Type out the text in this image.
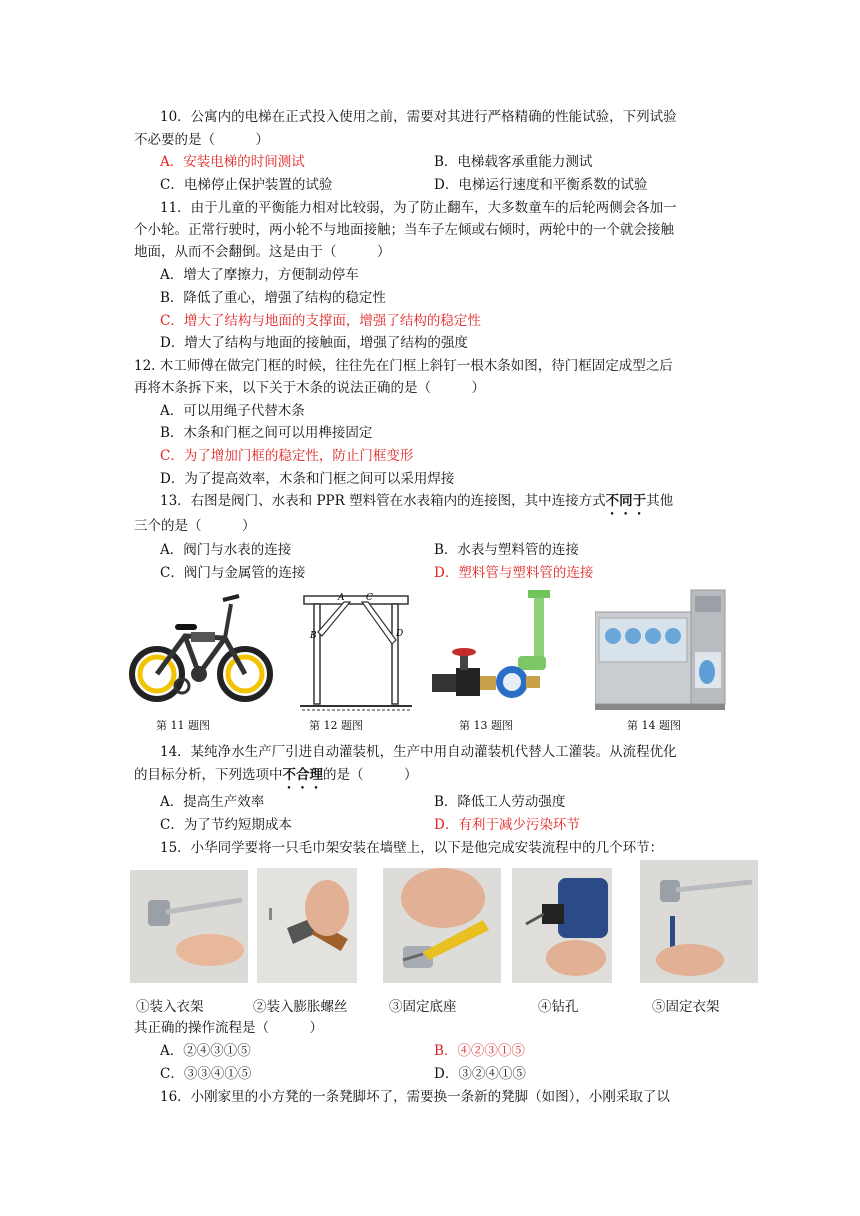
10．公寓内的电梯在正式投入使用之前，需要对其进行严格精确的性能试验，下列试验
不必要的是（　　　）
A．安装电梯的时间测试	B．电梯载客承重能力测试
C．电梯停止保护装置的试验	D．电梯运行速度和平衡系数的试验
11．由于儿童的平衡能力相对比较弱，为了防止翻车，大多数童车的后轮两侧会各加一
个小轮。正常行驶时，两小轮不与地面接触；当车子左倾或右倾时，两轮中的一个就会接触
地面，从而不会翻倒。这是由于（　　　）
A．增大了摩擦力，方便制动停车
B．降低了重心，增强了结构的稳定性
C．增大了结构与地面的支撑面，增强了结构的稳定性
D．增大了结构与地面的接触面，增强了结构的强度
12. 木工师傅在做完门框的时候，往往先在门框上斜钉一根木条如图，待门框固定成型之后
再将木条拆下来，以下关于木条的说法正确的是（　　　）
A．可以用绳子代替木条
B．木条和门框之间可以用榫接固定
C．为了增加门框的稳定性，防止门框变形
D．为了提高效率，木条和门框之间可以采用焊接
13．右图是阀门、水表和 PPR 塑料管在水表箱内的连接图，其中连接方式不同于其他
三个的是（　　　）
A．阀门与水表的连接	B．水表与塑料管的连接
C．阀门与金属管的连接	D．塑料管与塑料管的连接
A C
B	D
第 11 题图	第 12 题图	第 13 题图	第 14 题图
14．某纯净水生产厂引进自动灌装机，生产中用自动灌装机代替人工灌装。从流程优化
的目标分析，下列选项中不合理的是（　　　）
A．提高生产效率	B．降低工人劳动强度
C．为了节约短期成本	D．有利于减少污染环节
15．小华同学要将一只毛巾架安装在墙壁上，以下是他完成安装流程中的几个环节：
①装入衣架	②装入膨胀螺丝	③固定底座	④钻孔	⑤固定衣架
其正确的操作流程是（　　　）
A．②④③①⑤	B．④②③①⑤
C．③③④①⑤	D．③②④①⑤
16．小刚家里的小方凳的一条凳脚坏了，需要换一条新的凳脚（如图），小刚采取了以
